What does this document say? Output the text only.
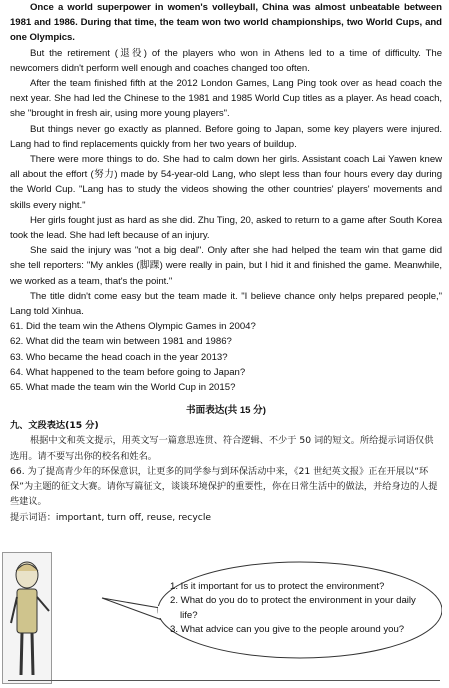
Once a world superpower in women's volleyball, China was almost unbeatable between 1981 and 1986. During that time, the team won two world championships, two World Cups, and one Olympics.

But the retirement (退役) of the players who won in Athens led to a time of difficulty. The newcomers didn't perform well enough and coaches changed too often.

After the team finished fifth at the 2012 London Games, Lang Ping took over as head coach the next year. She had led the Chinese to the 1981 and 1985 World Cup titles as a player. As head coach, she "brought in fresh air, using more young players".

But things never go exactly as planned. Before going to Japan, some key players were injured. Lang had to find replacements quickly from her two years of buildup.

There were more things to do. She had to calm down her girls. Assistant coach Lai Yawen knew all about the effort (努力) made by 54-year-old Lang, who slept less than four hours every day during the World Cup. "Lang has to study the videos showing the other countries' players' movements and skills every night."

Her girls fought just as hard as she did. Zhu Ting, 20, asked to return to a game after South Korea took the lead. She had left because of an injury.

She said the injury was "not a big deal". Only after she had helped the team win that game did she tell reporters: "My ankles (脚踝) were really in pain, but I hid it and finished the game. Meanwhile, we worked as a team, that's the point."

The title didn't come easy but the team made it. "I believe chance only helps prepared people," Lang told Xinhua.

61. Did the team win the Athens Olympic Games in 2004?

62. What did the team win between 1981 and 1986?

63. Who became the head coach in the year 2013?

64. What happened to the team before going to Japan?

65. What made the team win the World Cup in 2015?

书面表达(共 15 分)

九、文段表达(15 分)

根据中文和英文提示，用英文写一篇意思连贯、符合逻辑、不少于 50 词的短文。所给提示词语仅供选用。请不要写出你的校名和姓名。

66. 为了提高青少年的环保意识，让更多的同学参与到环保活动中来，《21 世纪英文报》正在开展以“环保”为主题的征文大赛。请你写篇征文，谈谈环境保护的重要性，你在日常生活中的做法，并给身边的人提些建议。

提示词语：important, turn off, reuse, recycle

1. Is it important for us to protect the environment?
2. What do you do to protect the environment in your daily life?
3. What advice can you give to the people around you?
